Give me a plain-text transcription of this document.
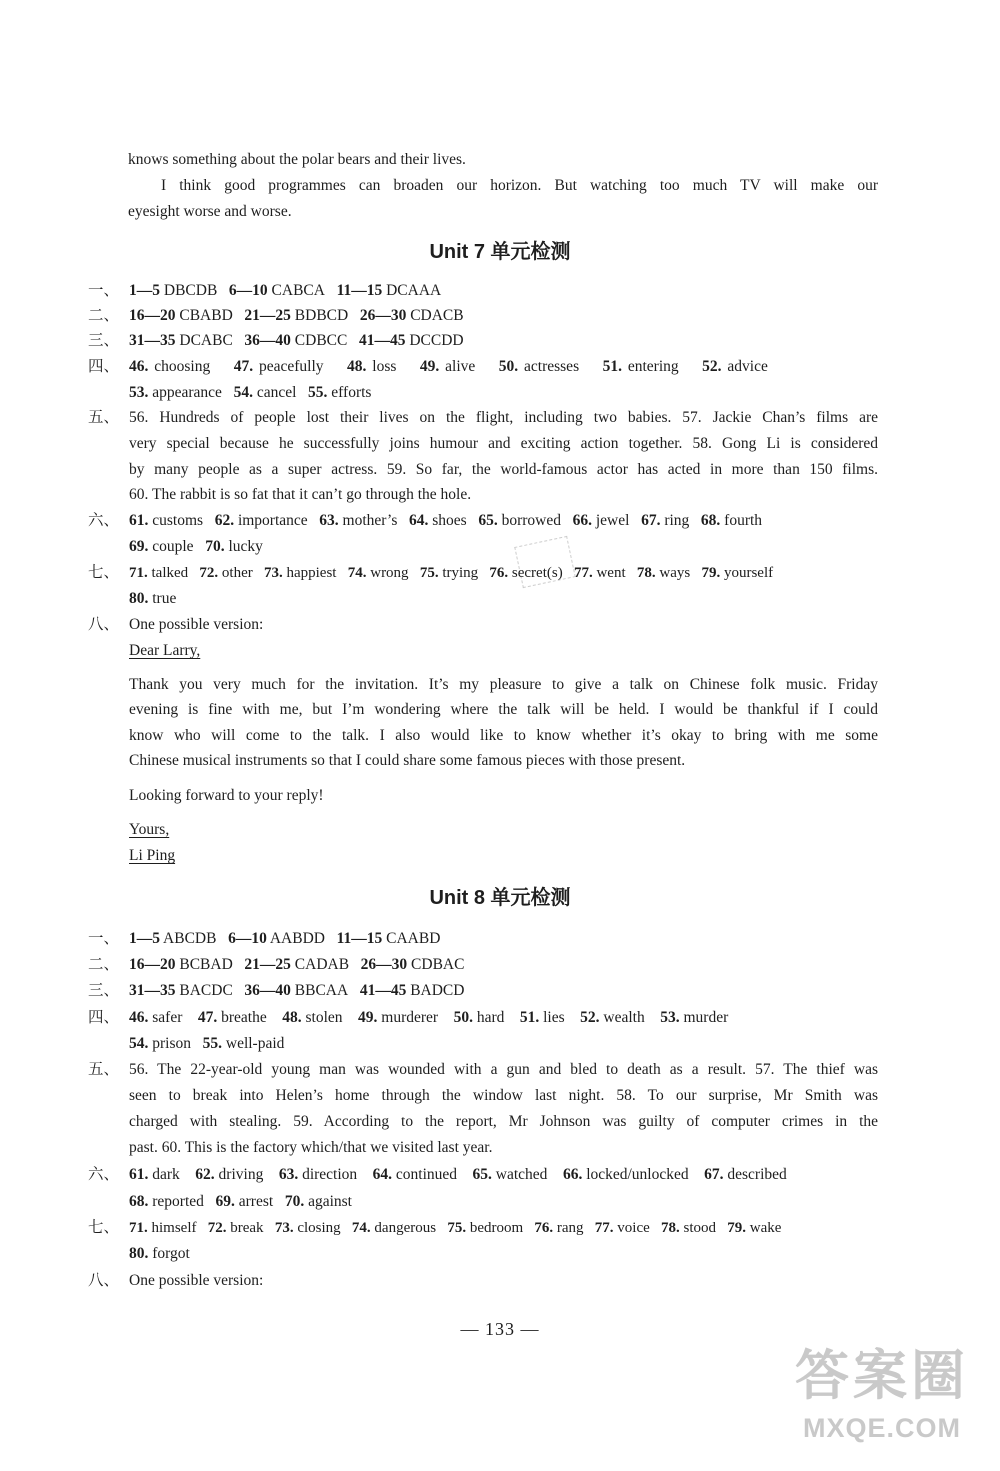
knows something about the polar bears and their lives.
I think good programmes can broaden our horizon. But watching too much TV will make our
eyesight worse and worse.
Unit 7 单元检测
一、 1—5 DBCDB 6—10 CABCA 11—15 DCAAA
二、 16—20 CBABD 21—25 BDBCD 26—30 CDACB
三、 31—35 DCABC 36—40 CDBCC 41—45 DCCDD
四、 46. choosing 47. peacefully 48. loss 49. alive 50. actresses 51. entering 52. advice
53. appearance 54. cancel 55. efforts
五、 56. Hundreds of people lost their lives on the flight, including two babies. 57. Jackie Chan’s films are
very special because he successfully joins humour and exciting action together. 58. Gong Li is considered
by many people as a super actress. 59. So far, the world-famous actor has acted in more than 150 films.
60. The rabbit is so fat that it can’t go through the hole.
六、 61. customs 62. importance 63. mother’s 64. shoes 65. borrowed 66. jewel 67. ring 68. fourth
69. couple 70. lucky
七、 71. talked 72. other 73. happiest 74. wrong 75. trying 76. secret(s) 77. went 78. ways 79. yourself
80. true
八、 One possible version:
Dear Larry,
Thank you very much for the invitation. It’s my pleasure to give a talk on Chinese folk music. Friday
evening is fine with me, but I’m wondering where the talk will be held. I would be thankful if I could
know who will come to the talk. I also would like to know whether it’s okay to bring with me some
Chinese musical instruments so that I could share some famous pieces with those present.
Looking forward to your reply!
Yours,
Li Ping
Unit 8 单元检测
一、 1—5 ABCDB 6—10 AABDD 11—15 CAABD
二、 16—20 BCBAD 21—25 CADAB 26—30 CDBAC
三、 31—35 BACDC 36—40 BBCAA 41—45 BADCD
四、 46. safer 47. breathe 48. stolen 49. murderer 50. hard 51. lies 52. wealth 53. murder
54. prison 55. well-paid
五、 56. The 22-year-old young man was wounded with a gun and bled to death as a result. 57. The thief was
seen to break into Helen’s home through the window last night. 58. To our surprise, Mr Smith was
charged with stealing. 59. According to the report, Mr Johnson was guilty of computer crimes in the
past. 60. This is the factory which/that we visited last year.
六、 61. dark 62. driving 63. direction 64. continued 65. watched 66. locked/unlocked 67. described
68. reported 69. arrest 70. against
七、 71. himself 72. break 73. closing 74. dangerous 75. bedroom 76. rang 77. voice 78. stood 79. wake
80. forgot
八、 One possible version:
— 133 —
答案圈
MXQE.COM
